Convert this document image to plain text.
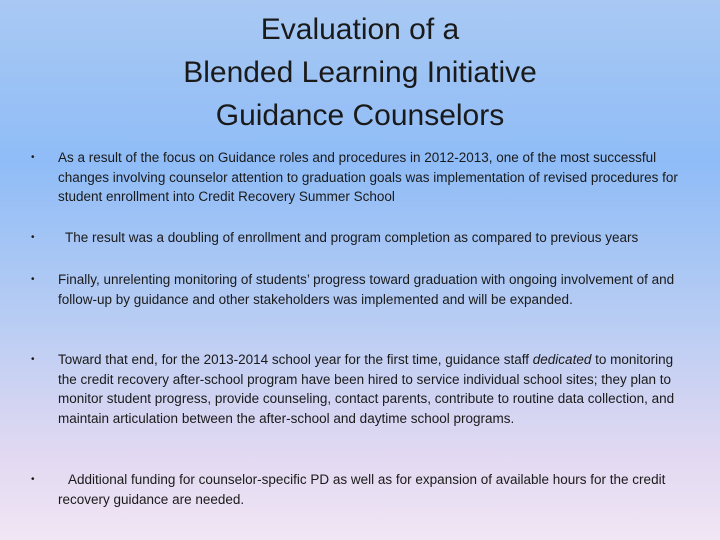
Evaluation of a
Blended Learning Initiative
Guidance Counselors
• As a result of the focus on Guidance roles and procedures in 2012-2013, one of the most successful changes involving counselor attention to graduation goals was implementation of revised procedures for student enrollment into Credit Recovery Summer School
• The result was a doubling of enrollment and program completion as compared to previous years
• Finally, unrelenting monitoring of students’ progress toward graduation with ongoing involvement of and follow-up by guidance and other stakeholders was implemented and will be expanded.
• Toward that end, for the 2013-2014 school year for the first time, guidance staff dedicated to monitoring the credit recovery after-school program have been hired to service individual school sites; they plan to monitor student progress, provide counseling, contact parents, contribute to routine data collection, and maintain articulation between the after-school and daytime school programs.
•	Additional funding for counselor-specific PD as well as for expansion of available hours for the credit recovery guidance are needed.
